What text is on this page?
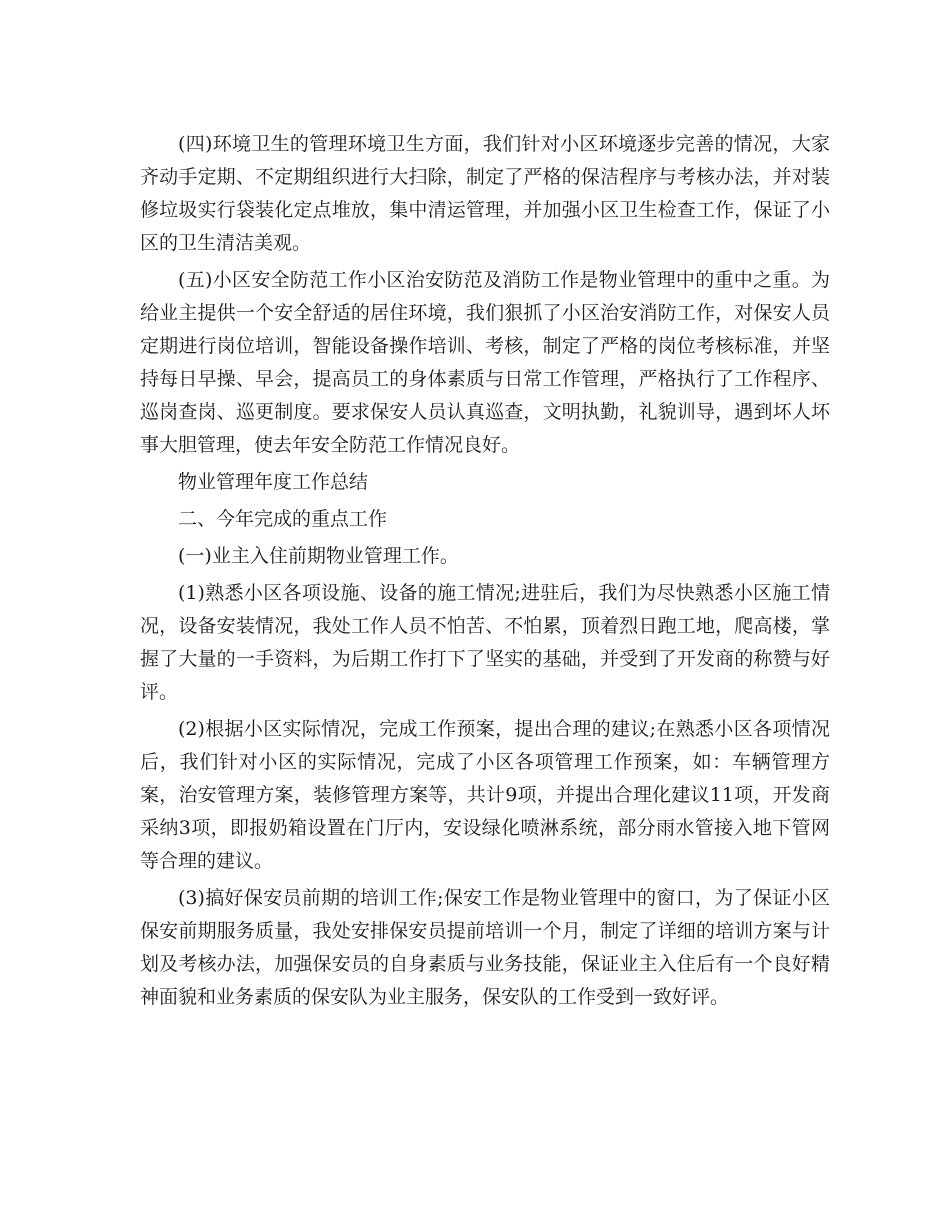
(四)环境卫生的管理环境卫生方面，我们针对小区环境逐步完善的情况，大家齐动手定期、不定期组织进行大扫除，制定了严格的保洁程序与考核办法，并对装修垃圾实行袋装化定点堆放，集中清运管理，并加强小区卫生检查工作，保证了小区的卫生清洁美观。

(五)小区安全防范工作小区治安防范及消防工作是物业管理中的重中之重。为给业主提供一个安全舒适的居住环境，我们狠抓了小区治安消防工作，对保安人员定期进行岗位培训，智能设备操作培训、考核，制定了严格的岗位考核标准，并坚持每日早操、早会，提高员工的身体素质与日常工作管理，严格执行了工作程序、巡岗查岗、巡更制度。要求保安人员认真巡查，文明执勤，礼貌训导，遇到坏人坏事大胆管理，使去年安全防范工作情况良好。

物业管理年度工作总结

二、今年完成的重点工作

(一)业主入住前期物业管理工作。

(1)熟悉小区各项设施、设备的施工情况;进驻后，我们为尽快熟悉小区施工情况，设备安装情况，我处工作人员不怕苦、不怕累，顶着烈日跑工地，爬高楼，掌握了大量的一手资料，为后期工作打下了坚实的基础，并受到了开发商的称赞与好评。

(2)根据小区实际情况，完成工作预案，提出合理的建议;在熟悉小区各项情况后，我们针对小区的实际情况，完成了小区各项管理工作预案，如：车辆管理方案，治安管理方案，装修管理方案等，共计9项，并提出合理化建议11项，开发商采纳3项，即报奶箱设置在门厅内，安设绿化喷淋系统，部分雨水管接入地下管网等合理的建议。

(3)搞好保安员前期的培训工作;保安工作是物业管理中的窗口，为了保证小区保安前期服务质量，我处安排保安员提前培训一个月，制定了详细的培训方案与计划及考核办法，加强保安员的自身素质与业务技能，保证业主入住后有一个良好精神面貌和业务素质的保安队为业主服务，保安队的工作受到一致好评。
